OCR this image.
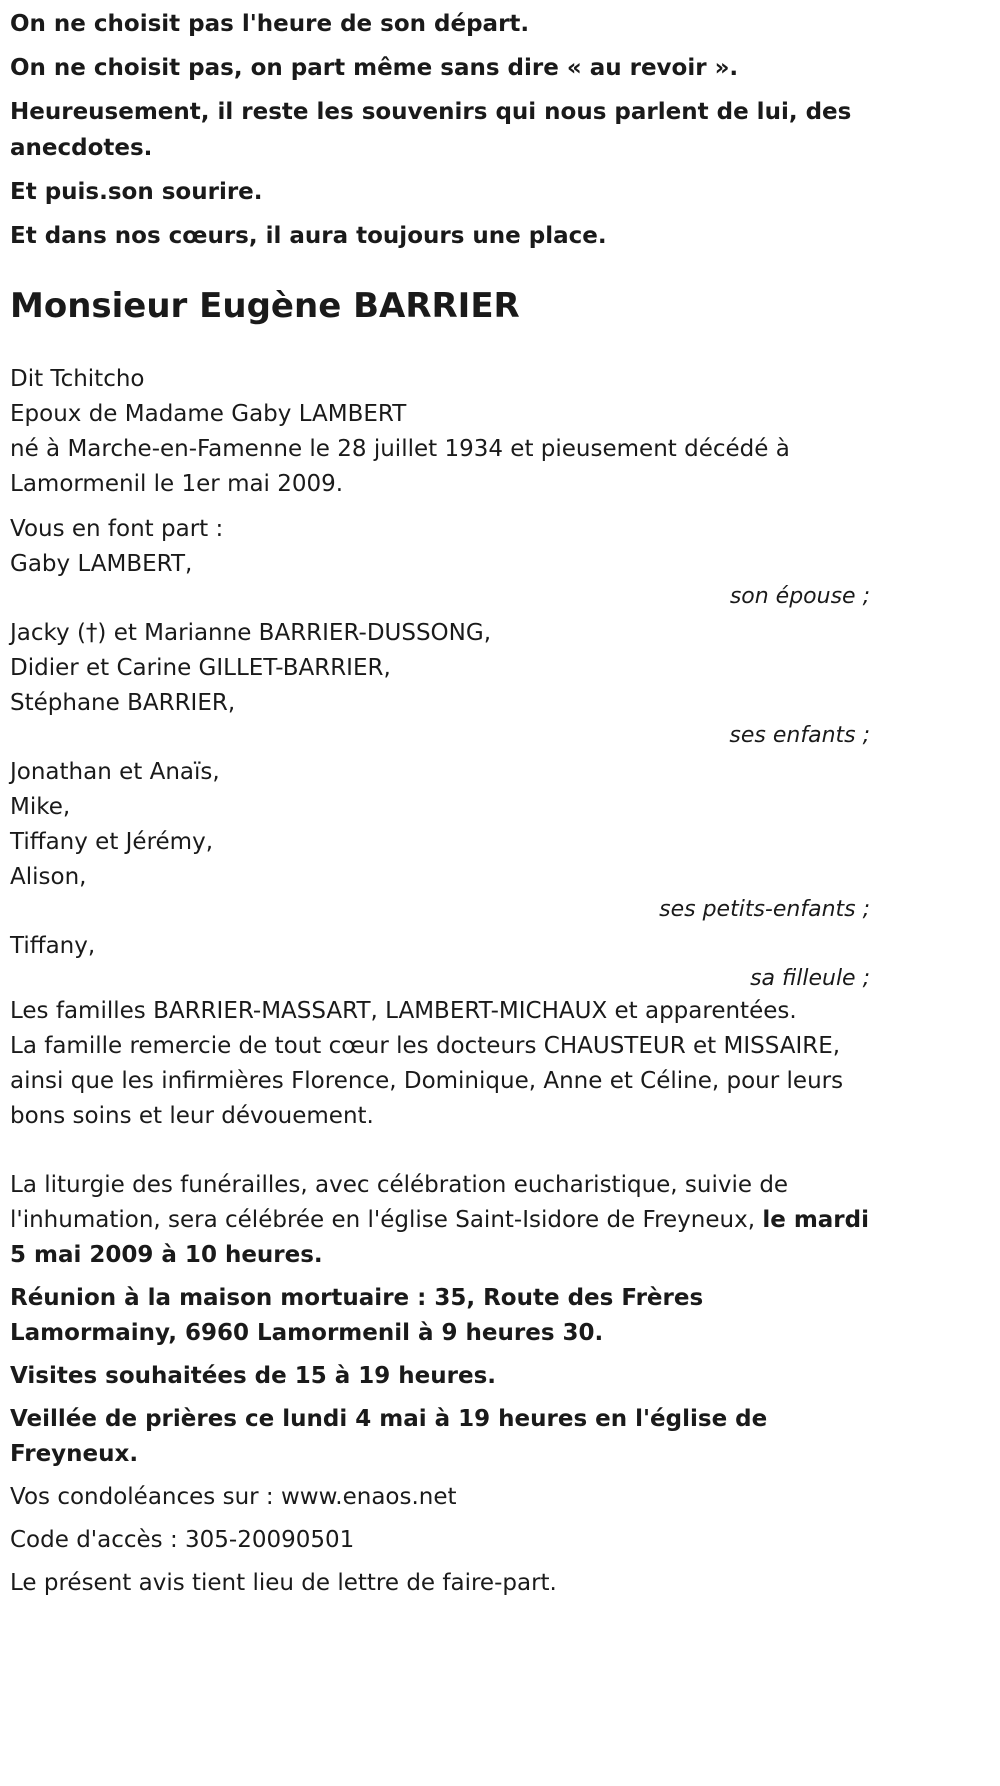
On ne choisit pas l'heure de son départ.

On ne choisit pas, on part même sans dire « au revoir ».

Heureusement, il reste les souvenirs qui nous parlent de lui, des anecdotes.

Et puis.son sourire.

Et dans nos cœurs, il aura toujours une place.

Monsieur Eugène BARRIER
Dit Tchitcho
Epoux de Madame Gaby LAMBERT

né à Marche-en-Famenne le 28 juillet 1934 et pieusement décédé à Lamormenil le 1er mai 2009.

Vous en font part :
Gaby LAMBERT,
son épouse ;
Jacky (†) et Marianne BARRIER-DUSSONG,
Didier et Carine GILLET-BARRIER,
Stéphane BARRIER,
ses enfants ;
Jonathan et Anaïs,
Mike,
Tiffany et Jérémy,
Alison,
ses petits-enfants ;
Tiffany,
sa filleule ;
Les familles BARRIER-MASSART, LAMBERT-MICHAUX et apparentées.

La famille remercie de tout cœur les docteurs CHAUSTEUR et MISSAIRE, ainsi que les infirmières Florence, Dominique, Anne et Céline, pour leurs bons soins et leur dévouement.

La liturgie des funérailles, avec célébration eucharistique, suivie de l'inhumation, sera célébrée en l'église Saint-Isidore de Freyneux, le mardi 5 mai 2009 à 10 heures.

Réunion à la maison mortuaire : 35, Route des Frères Lamormainy, 6960 Lamormenil à 9 heures 30.

Visites souhaitées de 15 à 19 heures.

Veillée de prières ce lundi 4 mai à 19 heures en l'église de Freyneux.

Vos condoléances sur : www.enaos.net

Code d'accès : 305-20090501

Le présent avis tient lieu de lettre de faire-part.
